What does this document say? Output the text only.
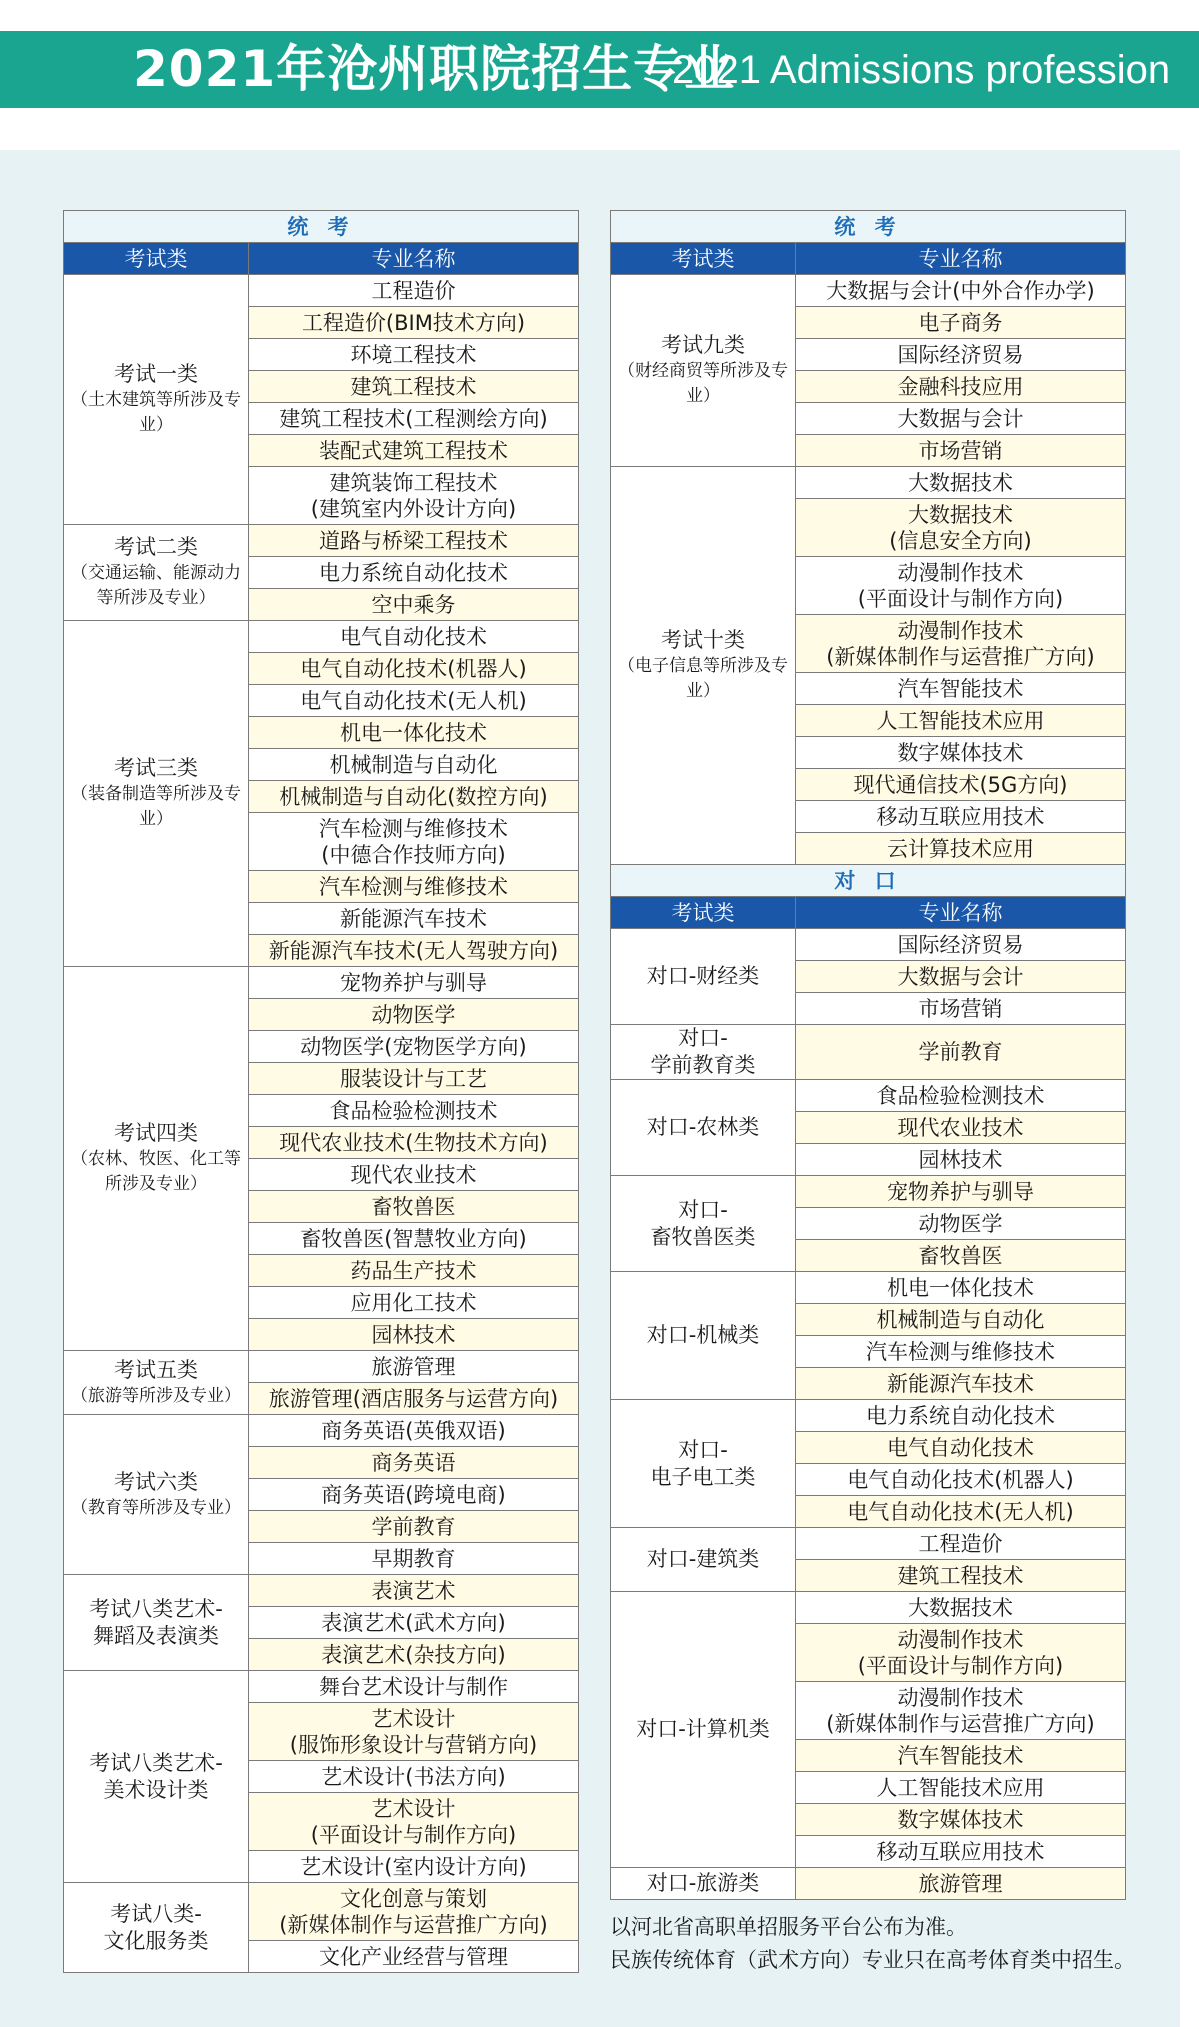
2021年沧州职院招生专业
2021 Admissions profession
统 考	
考试类	专业名称

考试一类
（土木建筑等所涉及专业）	工程造价
	工程造价(BIM技术方向)
	环境工程技术
	建筑工程技术
	建筑工程技术(工程测绘方向)
	装配式建筑工程技术
	建筑装饰工程技术
(建筑室内外设计方向)

考试二类
（交通运输、能源动力等所涉及专业）	道路与桥梁工程技术
	电力系统自动化技术
	空中乘务

考试三类
（装备制造等所涉及专业）	电气自动化技术
	电气自动化技术(机器人)
	电气自动化技术(无人机)
	机电一体化技术
	机械制造与自动化
	机械制造与自动化(数控方向)
	汽车检测与维修技术
(中德合作技师方向)
	汽车检测与维修技术
	新能源汽车技术
	新能源汽车技术(无人驾驶方向)

考试四类
（农林、牧医、化工等所涉及专业）	宠物养护与驯导
	动物医学
	动物医学(宠物医学方向)
	服装设计与工艺
	食品检验检测技术
	现代农业技术(生物技术方向)
	现代农业技术
	畜牧兽医
	畜牧兽医(智慧牧业方向)
	药品生产技术
	应用化工技术
	园林技术

考试五类
（旅游等所涉及专业）	旅游管理
	旅游管理(酒店服务与运营方向)

考试六类
（教育等所涉及专业）	商务英语(英俄双语)
	商务英语
	商务英语(跨境电商)
	学前教育
	早期教育

考试八类艺术-
舞蹈及表演类	表演艺术
	表演艺术(武术方向)
	表演艺术(杂技方向)

考试八类艺术-
美术设计类	舞台艺术设计与制作
	艺术设计
(服饰形象设计与营销方向)
	艺术设计(书法方向)
	艺术设计
(平面设计与制作方向)
	艺术设计(室内设计方向)

考试八类-
文化服务类	文化创意与策划
(新媒体制作与运营推广方向)
	文化产业经营与管理
统 考	
考试类	专业名称

考试九类
（财经商贸等所涉及专业）	大数据与会计(中外合作办学)
	电子商务
	国际经济贸易
	金融科技应用
	大数据与会计
	市场营销

考试十类
（电子信息等所涉及专业）	大数据技术
	大数据技术
(信息安全方向)
	动漫制作技术
(平面设计与制作方向)
	动漫制作技术
(新媒体制作与运营推广方向)
	汽车智能技术
	人工智能技术应用
	数字媒体技术
	现代通信技术(5G方向)
	移动互联应用技术
	云计算技术应用
对 口	
考试类	专业名称

对口-财经类	国际经济贸易
	大数据与会计
	市场营销

对口-
学前教育类	学前教育

对口-农林类	食品检验检测技术
	现代农业技术
	园林技术

对口-
畜牧兽医类	宠物养护与驯导
	动物医学
	畜牧兽医

对口-机械类	机电一体化技术
	机械制造与自动化
	汽车检测与维修技术
	新能源汽车技术

对口-
电子电工类	电力系统自动化技术
	电气自动化技术
	电气自动化技术(机器人)
	电气自动化技术(无人机)

对口-建筑类	工程造价
	建筑工程技术

对口-计算机类	大数据技术
	动漫制作技术
(平面设计与制作方向)
	动漫制作技术
(新媒体制作与运营推广方向)
	汽车智能技术
	人工智能技术应用
	数字媒体技术
	移动互联应用技术

对口-旅游类	旅游管理
以河北省高职单招服务平台公布为准。
民族传统体育（武术方向）专业只在高考体育类中招生。
